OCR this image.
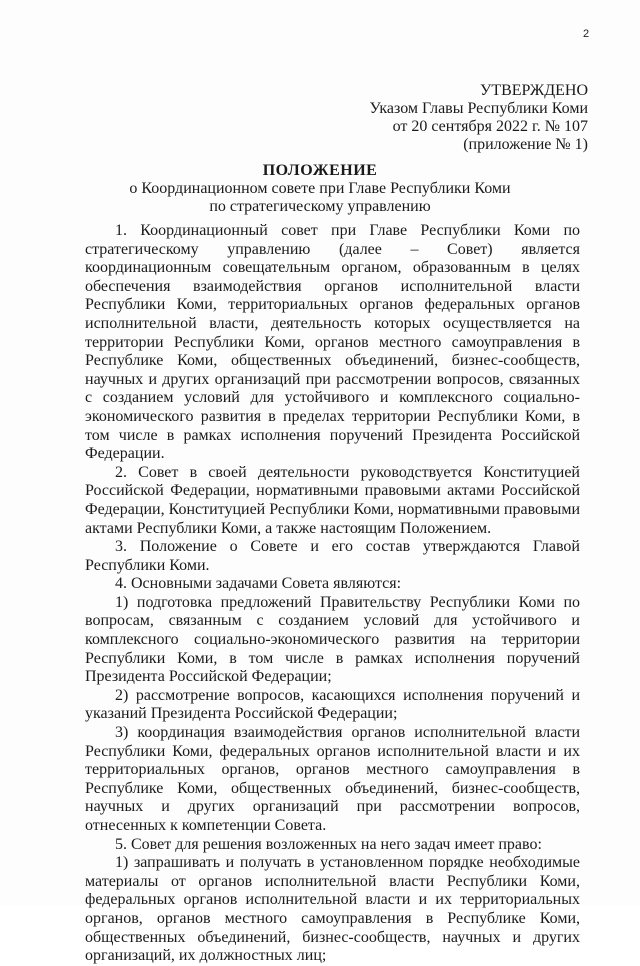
2
УТВЕРЖДЕНО
Указом Главы Республики Коми
от 20 сентября 2022 г. № 107
(приложение № 1)
ПОЛОЖЕНИЕ
о Координационном совете при Главе Республики Коми
по стратегическому управлению

1. Координационный совет при Главе Республики Коми по стратегическому управлению (далее – Совет) является координационным совещательным органом, образованным в целях обеспечения взаимодействия органов исполнительной власти Республики Коми, территориальных органов федеральных органов исполнительной власти, деятельность которых осуществляется на территории Республики Коми, органов местного самоуправления в Республике Коми, общественных объединений, бизнес-сообществ, научных и других организаций при рассмотрении вопросов, связанных с созданием условий для устойчивого и комплексного социально-экономического развития в пределах территории Республики Коми, в том числе в рамках исполнения поручений Президента Российской Федерации.

2. Совет в своей деятельности руководствуется Конституцией Российской Федерации, нормативными правовыми актами Российской Федерации, Конституцией Республики Коми, нормативными правовыми актами Республики Коми, а также настоящим Положением.

3. Положение о Совете и его состав утверждаются Главой Республики Коми.

4. Основными задачами Совета являются:

1) подготовка предложений Правительству Республики Коми по вопросам, связанным с созданием условий для устойчивого и комплексного социально-экономического развития на территории Республики Коми, в том числе в рамках исполнения поручений Президента Российской Федерации;

2) рассмотрение вопросов, касающихся исполнения поручений и указаний Президента Российской Федерации;

3) координация взаимодействия органов исполнительной власти Республики Коми, федеральных органов исполнительной власти и их территориальных органов, органов местного самоуправления в Республике Коми, общественных объединений, бизнес-сообществ, научных и других организаций при рассмотрении вопросов, отнесенных к компетенции Совета.

5. Совет для решения возложенных на него задач имеет право:

1) запрашивать и получать в установленном порядке необходимые материалы от органов исполнительной власти Республики Коми, федеральных органов исполнительной власти и их территориальных органов, органов местного самоуправления в Республике Коми, общественных объединений, бизнес-сообществ, научных и других организаций, их должностных лиц;
